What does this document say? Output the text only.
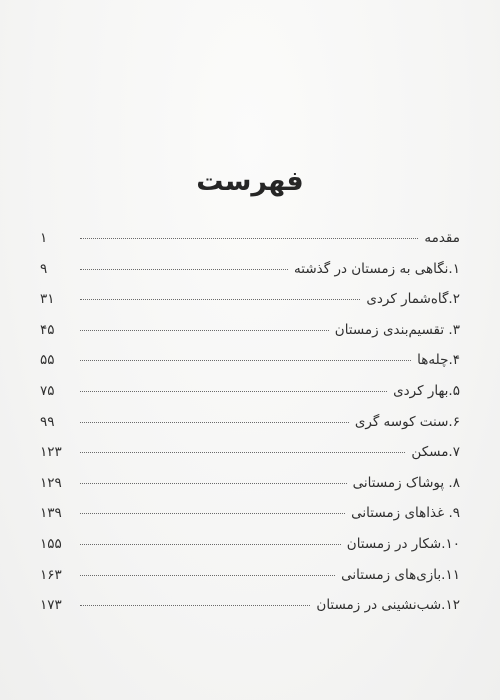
فهرست
مقدمه
۱
۱.نگاهی به زمستان در گذشته
۹
۲.گاه‌شمار کردی
۳۱
۳. تقسیم‌بندی زمستان
۴۵
۴.چله‌ها
۵۵
۵.بهار کردی
۷۵
۶.سنت کوسه گری
۹۹
۷.مسکن
۱۲۳
۸. پوشاک زمستانی
۱۲۹
۹. غذاهای زمستانی
۱۳۹
۱۰.شکار در زمستان
۱۵۵
۱۱.بازی‌های زمستانی
۱۶۳
۱۲.شب‌نشینی در زمستان
۱۷۳
